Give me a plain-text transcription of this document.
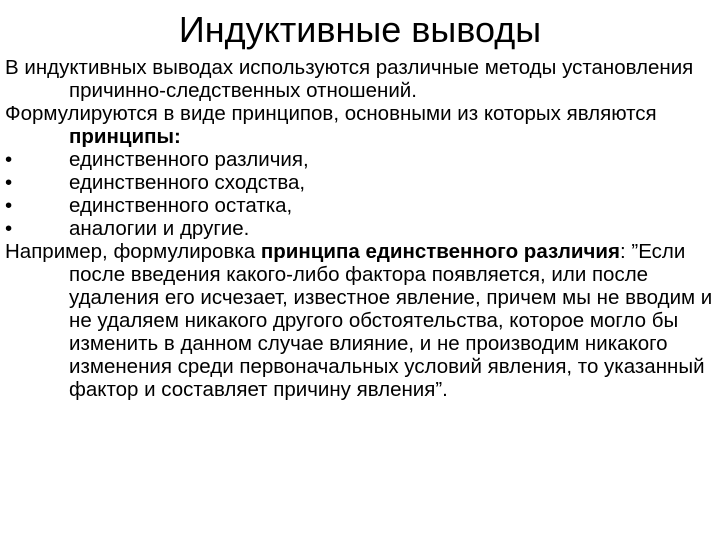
Индуктивные выводы

В индуктивных выводах используются различные методы установления причинно-следственных отношений.

Формулируются в виде принципов, основными из которых являются принципы:

•	единственного различия,
•	единственного сходства,
•	единственного остатка,
•	аналогии и другие.

Например, формулировка принципа единственного различия: ”Если после введения какого-либо фактора появляется, или после удаления его исчезает, известное явление, причем мы не вводим и не удаляем никакого другого обстоятельства, которое могло бы изменить в данном случае влияние, и не производим никакого изменения среди первоначальных условий явления, то указанный фактор и составляет причину явления”.
